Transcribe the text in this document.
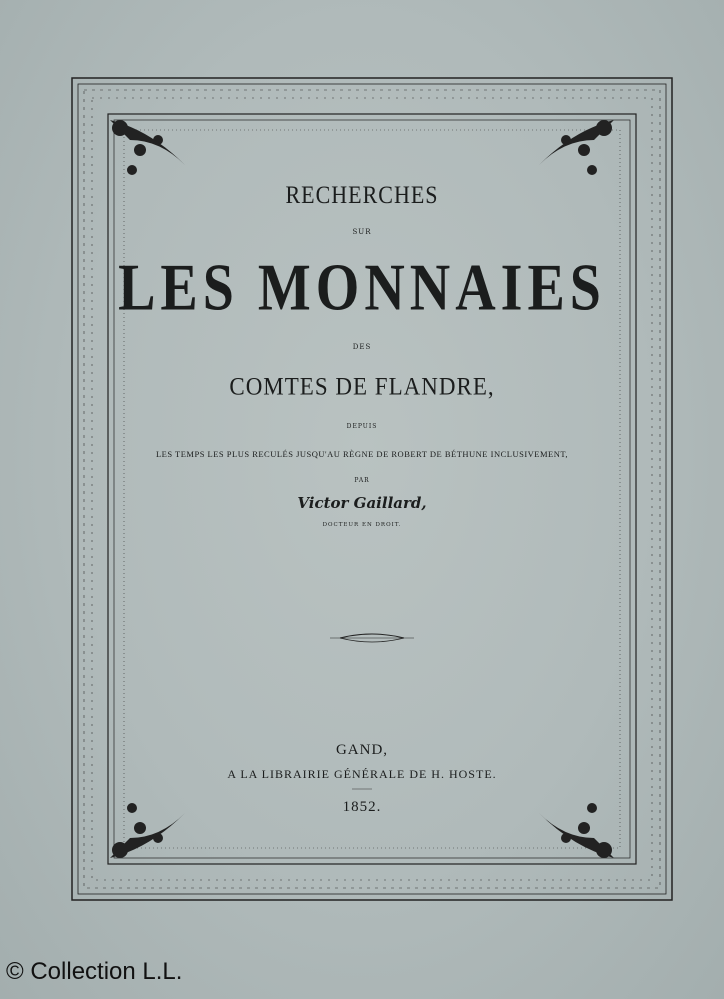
RECHERCHES
SUR
LES MONNAIES
DES
COMTES DE FLANDRE,
DEPUIS
LES TEMPS LES PLUS RECULÉS JUSQU'AU RÈGNE DE ROBERT DE BÉTHUNE INCLUSIVEMENT,
PAR
Victor Gaillard,
DOCTEUR EN DROIT.
GAND,
A LA LIBRAIRIE GÉNÉRALE DE H. HOSTE.
1852.
© Collection L.L.
